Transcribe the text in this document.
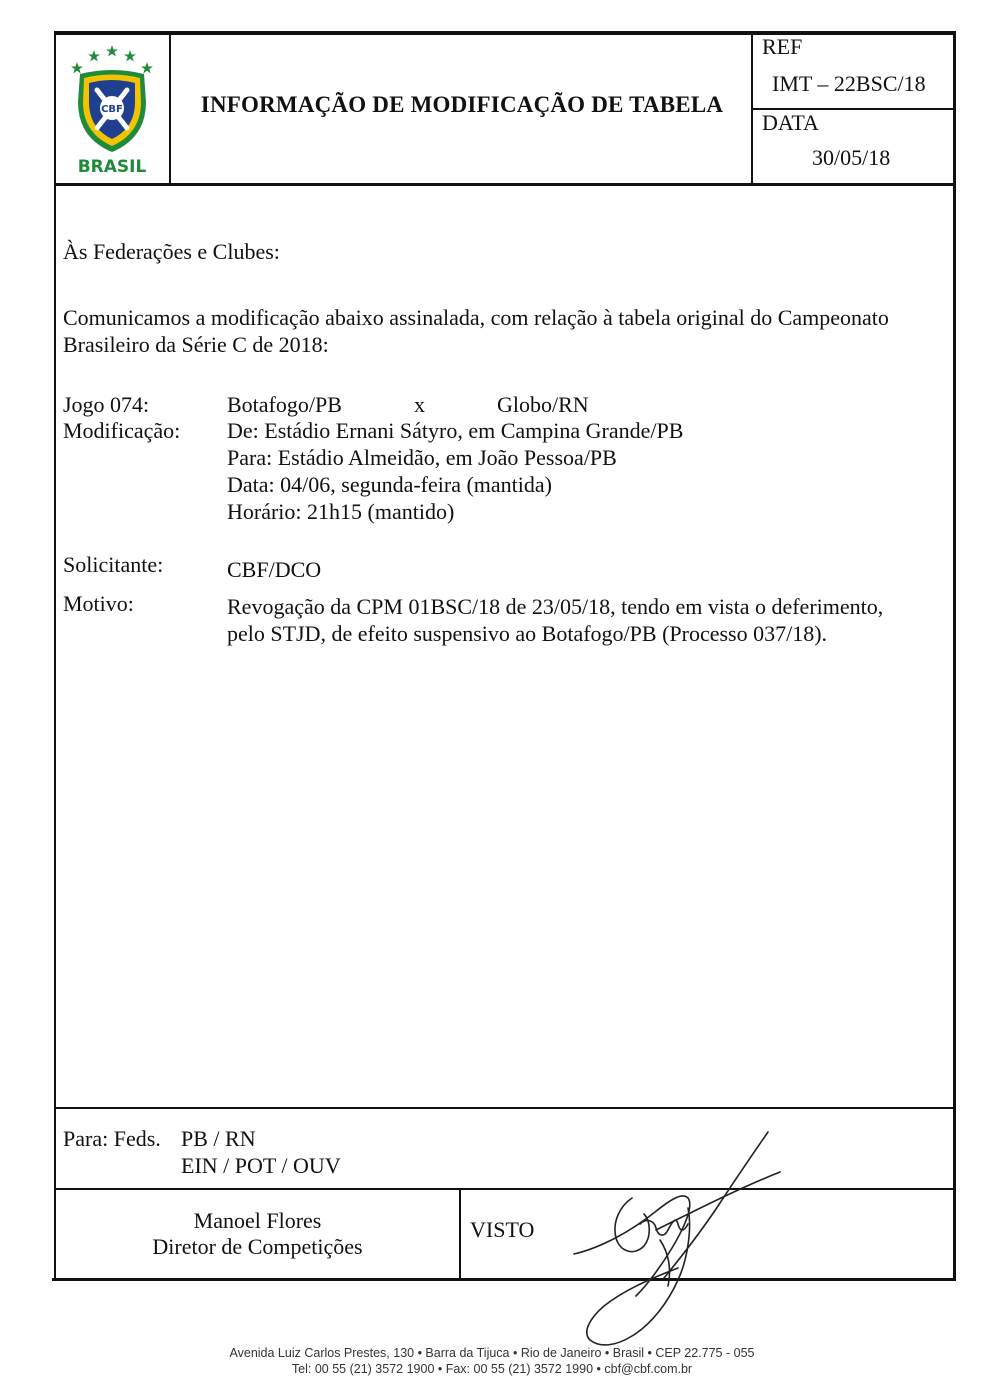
CBF
BRASIL
INFORMAÇÃO DE MODIFICAÇÃO DE TABELA
REF
IMT – 22BSC/18
DATA
30/05/18
Às Federações e Clubes:
Comunicamos a modificação abaixo assinalada, com relação à tabela original do Campeonato
Brasileiro da Série C de 2018:
Jogo 074:	Botafogo/PB	x	Globo/RN
Modificação: De: Estádio Ernani Sátyro, em Campina Grande/PB
Para: Estádio Almeidão, em João Pessoa/PB
Data: 04/06, segunda-feira (mantida)
Horário: 21h15 (mantido)
Solicitante:	CBF/DCO
Motivo:	Revogação da CPM 01BSC/18 de 23/05/18, tendo em vista o deferimento,
pelo STJD, de efeito suspensivo ao Botafogo/PB (Processo 037/18).
Para: Feds. PB / RN
EIN / POT / OUV
Manoel Flores
Diretor de Competições
VISTO
Avenida Luiz Carlos Prestes, 130 • Barra da Tijuca • Rio de Janeiro • Brasil • CEP 22.775 - 055
Tel: 00 55 (21) 3572 1900 • Fax: 00 55 (21) 3572 1990 • cbf@cbf.com.br
